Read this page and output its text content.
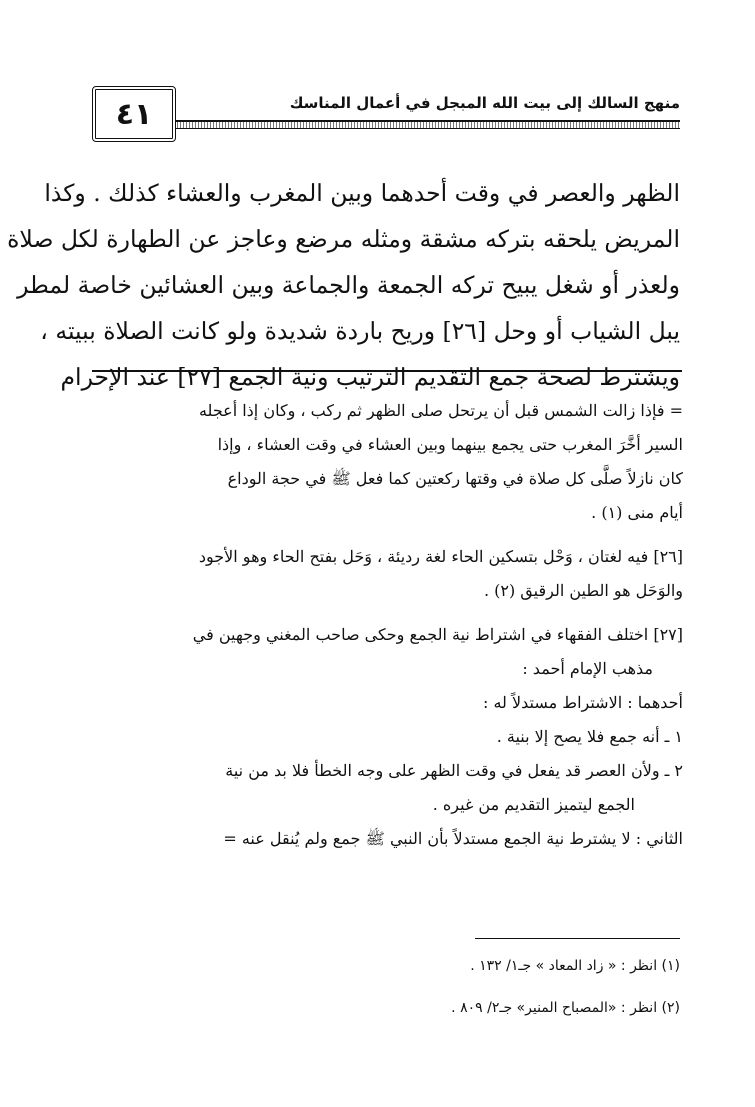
٤١	منهج السالك إلى بيت الله المبجل في أعمال المناسك
الظهر والعصر في وقت أحدهما وبين المغرب والعشاء كذلك . وكذا
المريض يلحقه بتركه مشقة ومثله مرضع وعاجز عن الطهارة لكل صلاة
ولعذر أو شغل يبيح تركه الجمعة والجماعة وبين العشائين خاصة لمطر
يبل الشياب أو وحل [٢٦] وريح باردة شديدة ولو كانت الصلاة ببيته ،
ويشترط لصحة جمع التقديم الترتيب ونية الجمع [٢٧] عند الإحرام
= فإذا زالت الشمس قبل أن يرتحل صلى الظهر ثم ركب ، وكان إذا أعجله
السير أخَّرَ المغرب حتى يجمع بينهما وبين العشاء في وقت العشاء ، وإذا
كان نازلاً صلَّى كل صلاة في وقتها ركعتين كما فعل ﷺ في حجة الوداع
أيام منى (١) .
[٢٦] فيه لغتان ، وَحْل بتسكين الحاء لغة رديئة ، وَحَل بفتح الحاء وهو الأجود
والوَحَل هو الطين الرقيق (٢) .
[٢٧] اختلف الفقهاء في اشتراط نية الجمع وحكى صاحب المغني وجهين في
مذهب الإمام أحمد :
أحدهما : الاشتراط مستدلاً له :
١ ـ أنه جمع فلا يصح إلا بنية .
٢ ـ ولأن العصر قد يفعل في وقت الظهر على وجه الخطأ فلا بد من نية
الجمع ليتميز التقديم من غيره .
الثاني : لا يشترط نية الجمع مستدلاً بأن النبي ﷺ جمع ولم يُنقل عنه =
(١) انظر : « زاد المعاد » جـ١/ ١٣٢ .
(٢) انظر : «المصباح المنير» جـ٢/ ٨٠٩ .
